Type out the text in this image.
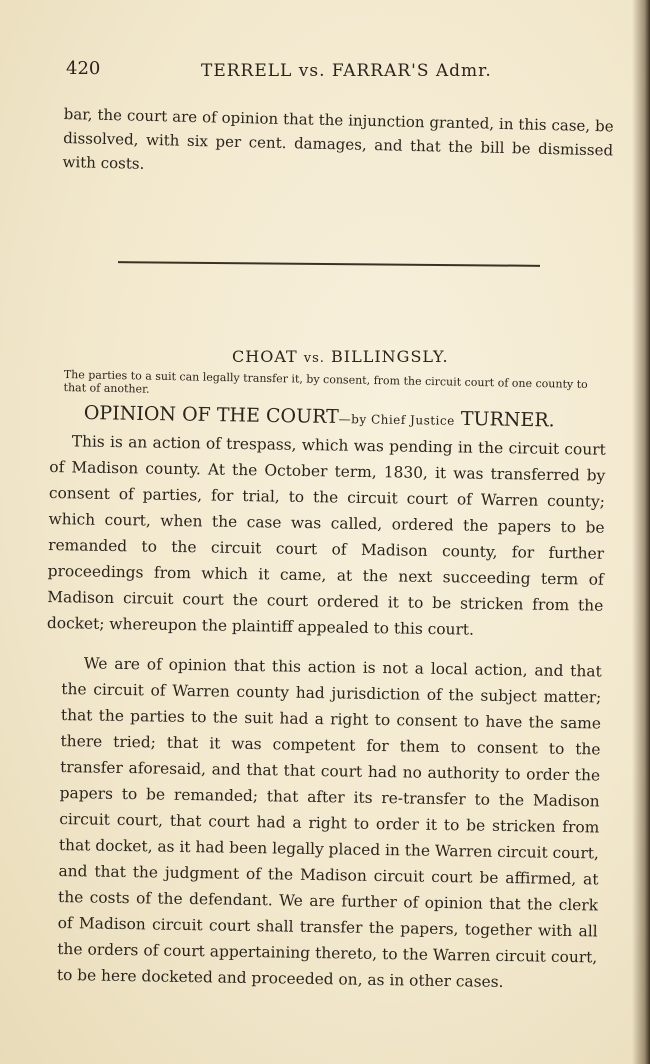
420	TERRELL vs. FARRAR'S Admr.

bar, the court are of opinion that the injunction granted, in this case, be dissolved, with six per cent. damages, and that the bill be dismissed with costs.

CHOAT vs. BILLINGSLY.
The parties to a suit can legally transfer it, by consent, from the circuit court of one county to that of another.
OPINION OF THE COURT—by Chief Justice TURNER.

This is an action of trespass, which was pending in the circuit court of Madison county. At the October term, 1830, it was transferred by consent of parties, for trial, to the circuit court of Warren county; which court, when the case was called, ordered the papers to be remanded to the circuit court of Madison county, for further proceedings from which it came, at the next succeeding term of Madison circuit court the court ordered it to be stricken from the docket; whereupon the plaintiff appealed to this court.

We are of opinion that this action is not a local action, and that the circuit of Warren county had jurisdiction of the subject matter; that the parties to the suit had a right to consent to have the same there tried; that it was competent for them to consent to the transfer aforesaid, and that that court had no authority to order the papers to be remanded; that after its re-transfer to the Madison circuit court, that court had a right to order it to be stricken from that docket, as it had been legally placed in the Warren circuit court, and that the judgment of the Madison circuit court be affirmed, at the costs of the defendant. We are further of opinion that the clerk of Madison circuit court shall transfer the papers, together with all the orders of court appertaining thereto, to the Warren circuit court, to be here docketed and proceeded on, as in other cases.
